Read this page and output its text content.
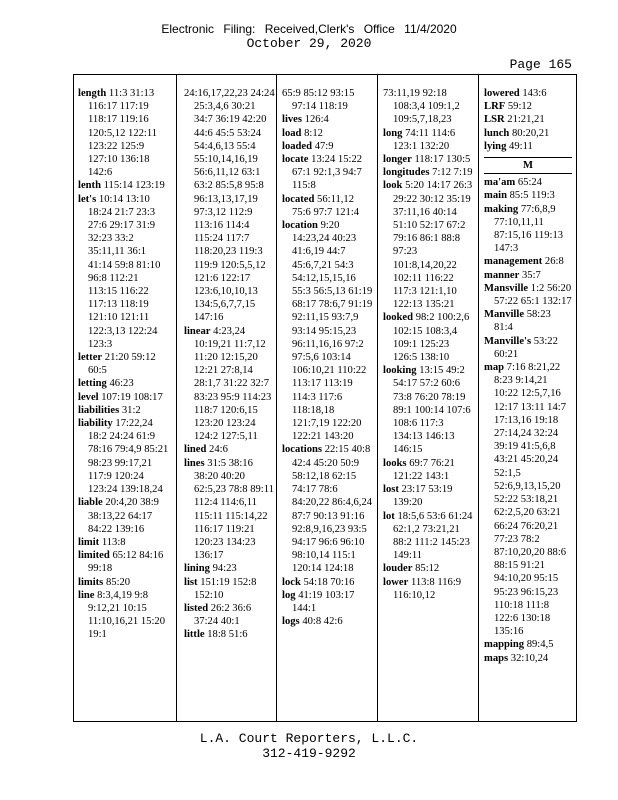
Electronic Filing: Received,Clerk's Office 11/4/2020
October 29, 2020
Page 165
length 11:3 31:13 116:17 117:19 118:17 119:16 120:5,12 122:11 123:22 125:9 127:10 136:18 142:6
lenth 115:14 123:19
let's 10:14 13:10 18:24 21:7 23:3 27:6 29:17 31:9 32:23 33:2 35:11,11 36:1 41:14 59:8 81:10 96:8 112:21 113:15 116:22 117:13 118:19 121:10 121:11 122:3,13 122:24 123:3
letter 21:20 59:12 60:5
letting 46:23
level 107:19 108:17
liabilities 31:2
liability 17:22,24 18:2 24:24 61:9 78:16 79:4,9 85:21 98:23 99:17,21 117:9 120:24 123:24 139:18,24
liable 20:4,20 38:9 38:13,22 64:17 84:22 139:16
limit 113:8
limited 65:12 84:16 99:18
limits 85:20
line 8:3,4,19 9:8 9:12,21 10:15 11:10,16,21 15:20 19:1
24:16,17,22,23 24:24 25:3,4,6 30:21 34:7 36:19 42:20 44:6 45:5 53:24 54:4,6,13 55:4 55:10,14,16,19 56:6,11,12 63:1 63:2 85:5,8 95:8 96:13,13,17,19 97:3,12 112:9 113:16 114:4 115:24 117:7 118:20,23 119:3 119:9 120:5,5,12 121:6 122:17 123:6,10,10,13 134:5,6,7,7,15 147:16
linear 4:23,24 10:19,21 11:7,12 11:20 12:15,20 12:21 27:8,14 28:1,7 31:22 32:7 83:23 95:9 114:23 118:7 120:6,15 123:20 123:24 124:2 127:5,11
lined 24:6
lines 31:5 38:16 38:20 40:20 62:5,23 78:8 89:11 112:4 114:6,11 115:11 115:14,22 116:17 119:21 120:23 134:23 136:17
lining 94:23
list 151:19 152:8 152:10
listed 26:2 36:6 37:24 40:1
little 18:8 51:6
65:9 85:12 93:15 97:14 118:19
lives 126:4
load 8:12
loaded 47:9
locate 13:24 15:22 67:1 92:1,3 94:7 115:8
located 56:11,12 75:6 97:7 121:4
location 9:20 14:23,24 40:23 41:6,19 44:7 45:6,7,21 54:3 54:12,15,15,16 55:3 56:5,13 61:19 68:17 78:6,7 91:19 92:11,15 93:7,9 93:14 95:15,23 96:11,16,16 97:2 97:5,6 103:14 106:10,21 110:22 113:17 113:19 114:3 117:6 118:18,18 121:7,19 122:20 122:21 143:20
locations 22:15 40:8 42:4 45:20 50:9 58:12,18 62:15 74:17 78:6 84:20,22 86:4,6,24 87:7 90:13 91:16 92:8,9,16,23 93:5 94:17 96:6 96:10 98:10,14 115:1 120:14 124:18
lock 54:18 70:16
log 41:19 103:17 144:1
logs 40:8 42:6
73:11,19 92:18 108:3,4 109:1,2 109:5,7,18,23
long 74:11 114:6 123:1 132:20
longer 118:17 130:5
longitudes 7:12 7:19
look 5:20 14:17 26:3 29:22 30:12 35:19 37:11,16 40:14 51:10 52:17 67:2 79:16 86:1 88:8 97:23 101:8,14,20,22 102:11 116:22 117:3 121:1,10 122:13 135:21
looked 98:2 100:2,6 102:15 108:3,4 109:1 125:23 126:5 138:10
looking 13:15 49:2 54:17 57:2 60:6 73:8 76:20 78:19 89:1 100:14 107:6 108:6 117:3 134:13 146:13 146:15
looks 69:7 76:21 121:22 143:1
lost 23:17 53:19 139:20
lot 18:5,6 53:6 61:24 62:1,2 73:21,21 88:2 111:2 145:23 149:11
louder 85:12
lower 113:8 116:9 116:10,12
lowered 143:6
LRF 59:12
LSR 21:21,21
lunch 80:20,21
lying 49:11
M
ma'am 65:24
main 85:5 119:3
making 77:6,8,9 77:10,11,11 87:15,16 119:13 147:3
management 26:8
manner 35:7
Mansville 1:2 56:20 57:22 65:1 132:17
Manville 58:23 81:4
Manville's 53:22 60:21
map 7:16 8:21,22 8:23 9:14,21 10:22 12:5,7,16 12:17 13:11 14:7 17:13,16 19:18 27:14,24 32:24 39:19 41:5,6,8 43:21 45:20,24 52:1,5 52:6,9,13,15,20 52:22 53:18,21 62:2,5,20 63:21 66:24 76:20,21 77:23 78:2 87:10,20,20 88:6 88:15 91:21 94:10,20 95:15 95:23 96:15,23 110:18 111:8 122:6 130:18 135:16
mapping 89:4,5
maps 32:10,24
L.A. Court Reporters, L.L.C.
312-419-9292
